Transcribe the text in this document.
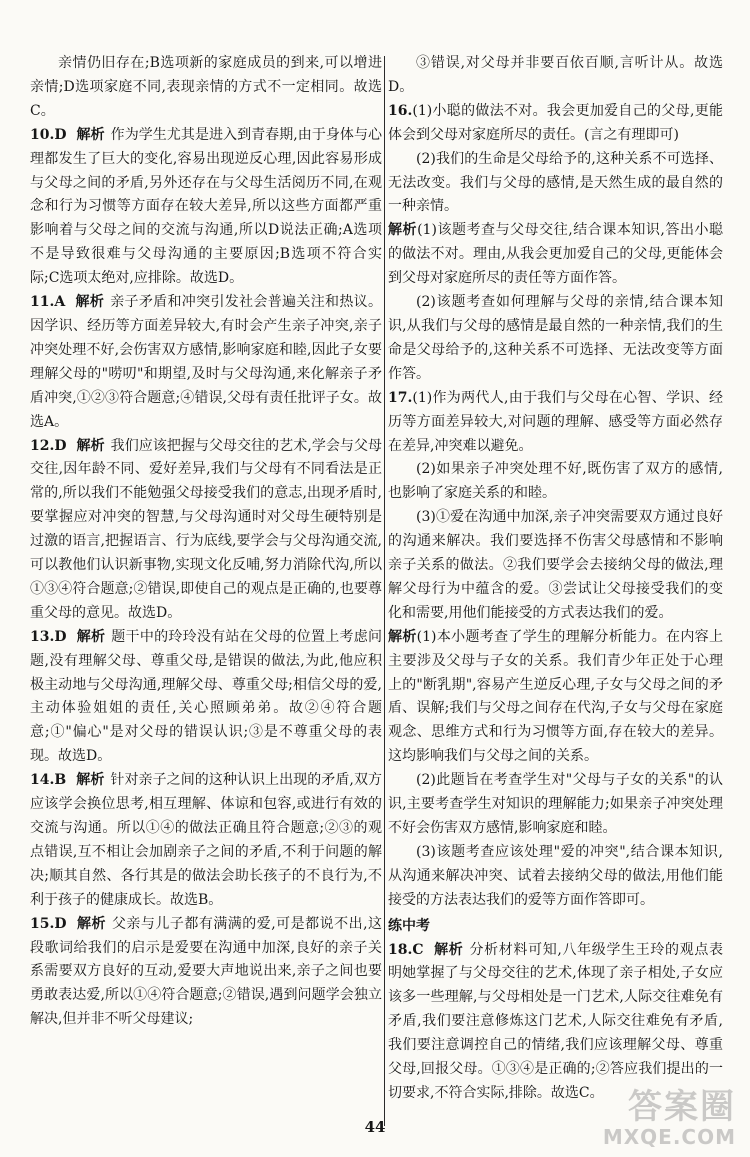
亲情仍旧存在;B选项新的家庭成员的到来,可以增进亲情;D选项家庭不同,表现亲情的方式不一定相同。故选C。

10.D 解析 作为学生尤其是进入到青春期,由于身体与心理都发生了巨大的变化,容易出现逆反心理,因此容易形成与父母之间的矛盾,另外还存在与父母生活阅历不同,在观念和行为习惯等方面存在较大差异,所以这些方面都严重影响着与父母之间的交流与沟通,所以D说法正确;A选项不是导致很难与父母沟通的主要原因;B选项不符合实际;C选项太绝对,应排除。故选D。

11.A 解析 亲子矛盾和冲突引发社会普遍关注和热议。因学识、经历等方面差异较大,有时会产生亲子冲突,亲子冲突处理不好,会伤害双方感情,影响家庭和睦,因此子女要理解父母的"唠叨"和期望,及时与父母沟通,来化解亲子矛盾冲突,①②③符合题意;④错误,父母有责任批评子女。故选A。

12.D 解析 我们应该把握与父母交往的艺术,学会与父母交往,因年龄不同、爱好差异,我们与父母有不同看法是正常的,所以我们不能勉强父母接受我们的意志,出现矛盾时,要掌握应对冲突的智慧,与父母沟通时对父母生硬特别是过激的语言,把握语言、行为底线,要学会与父母沟通交流,可以教他们认识新事物,实现文化反哺,努力消除代沟,所以①③④符合题意;②错误,即使自己的观点是正确的,也要尊重父母的意见。故选D。

13.D 解析 题干中的玲玲没有站在父母的位置上考虑问题,没有理解父母、尊重父母,是错误的做法,为此,他应积极主动地与父母沟通,理解父母、尊重父母;相信父母的爱,主动体验姐姐的责任,关心照顾弟弟。故②④符合题意;①"偏心"是对父母的错误认识;③是不尊重父母的表现。故选D。

14.B 解析 针对亲子之间的这种认识上出现的矛盾,双方应该学会换位思考,相互理解、体谅和包容,或进行有效的交流与沟通。所以①④的做法正确且符合题意;②③的观点错误,互不相让会加剧亲子之间的矛盾,不利于问题的解决;顺其自然、各行其是的做法会助长孩子的不良行为,不利于孩子的健康成长。故选B。

15.D 解析 父亲与儿子都有满满的爱,可是都说不出,这段歌词给我们的启示是爱要在沟通中加深,良好的亲子关系需要双方良好的互动,爱要大声地说出来,亲子之间也要勇敢表达爱,所以①④符合题意;②错误,遇到问题学会独立解决,但并非不听父母建议;

③错误,对父母并非要百依百顺,言听计从。故选D。

16.(1)小聪的做法不对。我会更加爱自己的父母,更能体会到父母对家庭所尽的责任。(言之有理即可)

(2)我们的生命是父母给予的,这种关系不可选择、无法改变。我们与父母的感情,是天然生成的最自然的一种亲情。

解析(1)该题考查与父母交往,结合课本知识,答出小聪的做法不对。理由,从我会更加爱自己的父母,更能体会到父母对家庭所尽的责任等方面作答。

(2)该题考查如何理解与父母的亲情,结合课本知识,从我们与父母的感情是最自然的一种亲情,我们的生命是父母给予的,这种关系不可选择、无法改变等方面作答。

17.(1)作为两代人,由于我们与父母在心智、学识、经历等方面差异较大,对问题的理解、感受等方面必然存在差异,冲突难以避免。

(2)如果亲子冲突处理不好,既伤害了双方的感情,也影响了家庭关系的和睦。

(3)①爱在沟通中加深,亲子冲突需要双方通过良好的沟通来解决。我们要选择不伤害父母感情和不影响亲子关系的做法。②我们要学会去接纳父母的做法,理解父母行为中蕴含的爱。③尝试让父母接受我们的变化和需要,用他们能接受的方式表达我们的爱。

解析(1)本小题考查了学生的理解分析能力。在内容上主要涉及父母与子女的关系。我们青少年正处于心理上的"断乳期",容易产生逆反心理,子女与父母之间的矛盾、误解;我们与父母之间存在代沟,子女与父母在家庭观念、思维方式和行为习惯等方面,存在较大的差异。这均影响我们与父母之间的关系。

(2)此题旨在考查学生对"父母与子女的关系"的认识,主要考查学生对知识的理解能力;如果亲子冲突处理不好会伤害双方感情,影响家庭和睦。

(3)该题考查应该处理"爱的冲突",结合课本知识,从沟通来解决冲突、试着去接纳父母的做法,用他们能接受的方法表达我们的爱等方面作答即可。

练中考

18.C 解析 分析材料可知,八年级学生王玲的观点表明她掌握了与父母交往的艺术,体现了亲子相处,子女应该多一些理解,与父母相处是一门艺术,人际交往难免有矛盾,我们要注意修炼这门艺术,人际交往难免有矛盾,我们要注意调控自己的情绪,我们应该理解父母、尊重父母,回报父母。①③④是正确的;②答应我们提出的一切要求,不符合实际,排除。故选C。

44	答案圈
MXQE.COM
